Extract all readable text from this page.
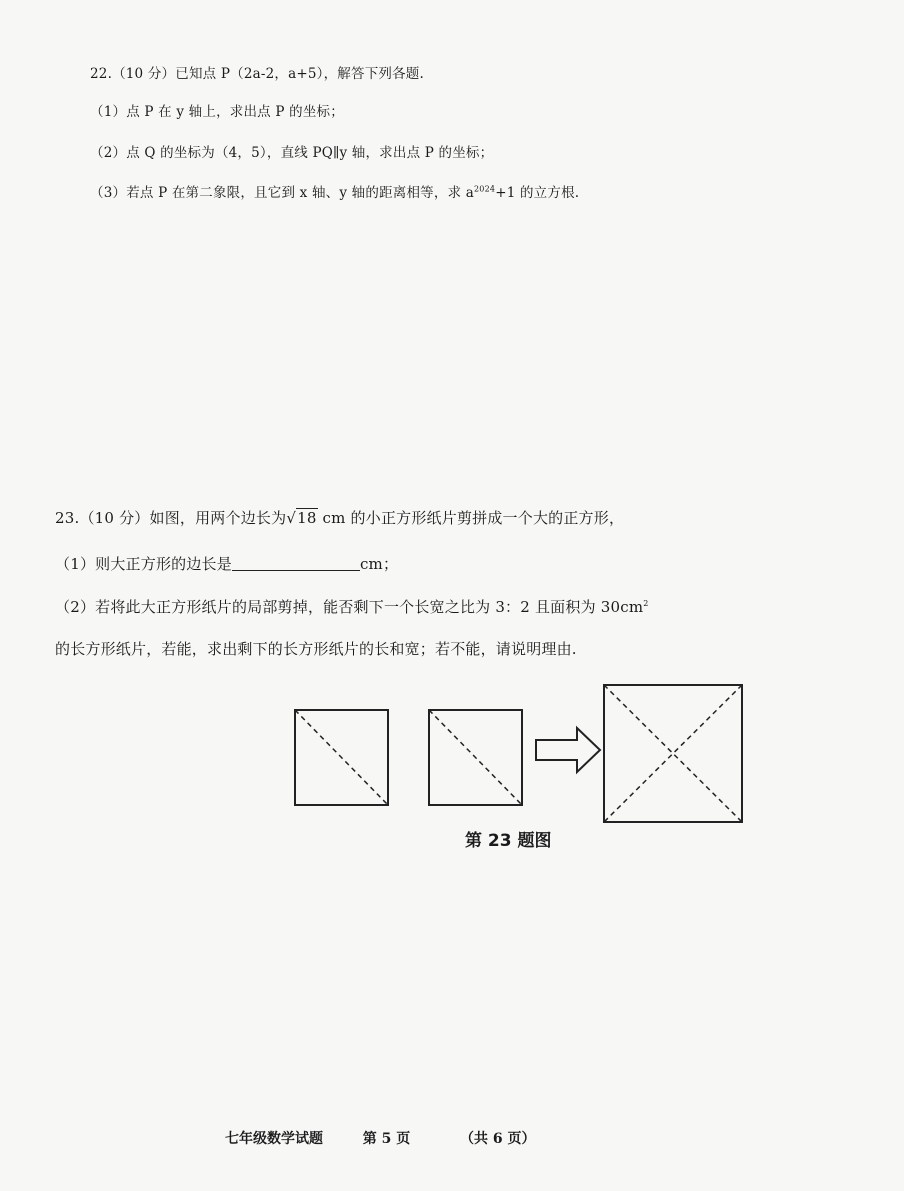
22.（10 分）已知点 P（2a-2，a+5），解答下列各题.
（1）点 P 在 y 轴上，求出点 P 的坐标；
（2）点 Q 的坐标为（4，5），直线 PQ∥y 轴，求出点 P 的坐标；
（3）若点 P 在第二象限，且它到 x 轴、y 轴的距离相等，求 $a^{2024}+1$ 的立方根.
23.（10 分）如图，用两个边长为√18 cm 的小正方形纸片剪拼成一个大的正方形，
（1）则大正方形的边长是	cm；
（2）若将此大正方形纸片的局部剪掉，能否剩下一个长宽之比为 3：2 且面积为 $30cm^2$
的长方形纸片，若能，求出剩下的长方形纸片的长和宽；若不能，请说明理由.
第 23 题图
七年级数学试题	第 5 页	（共 6 页）
